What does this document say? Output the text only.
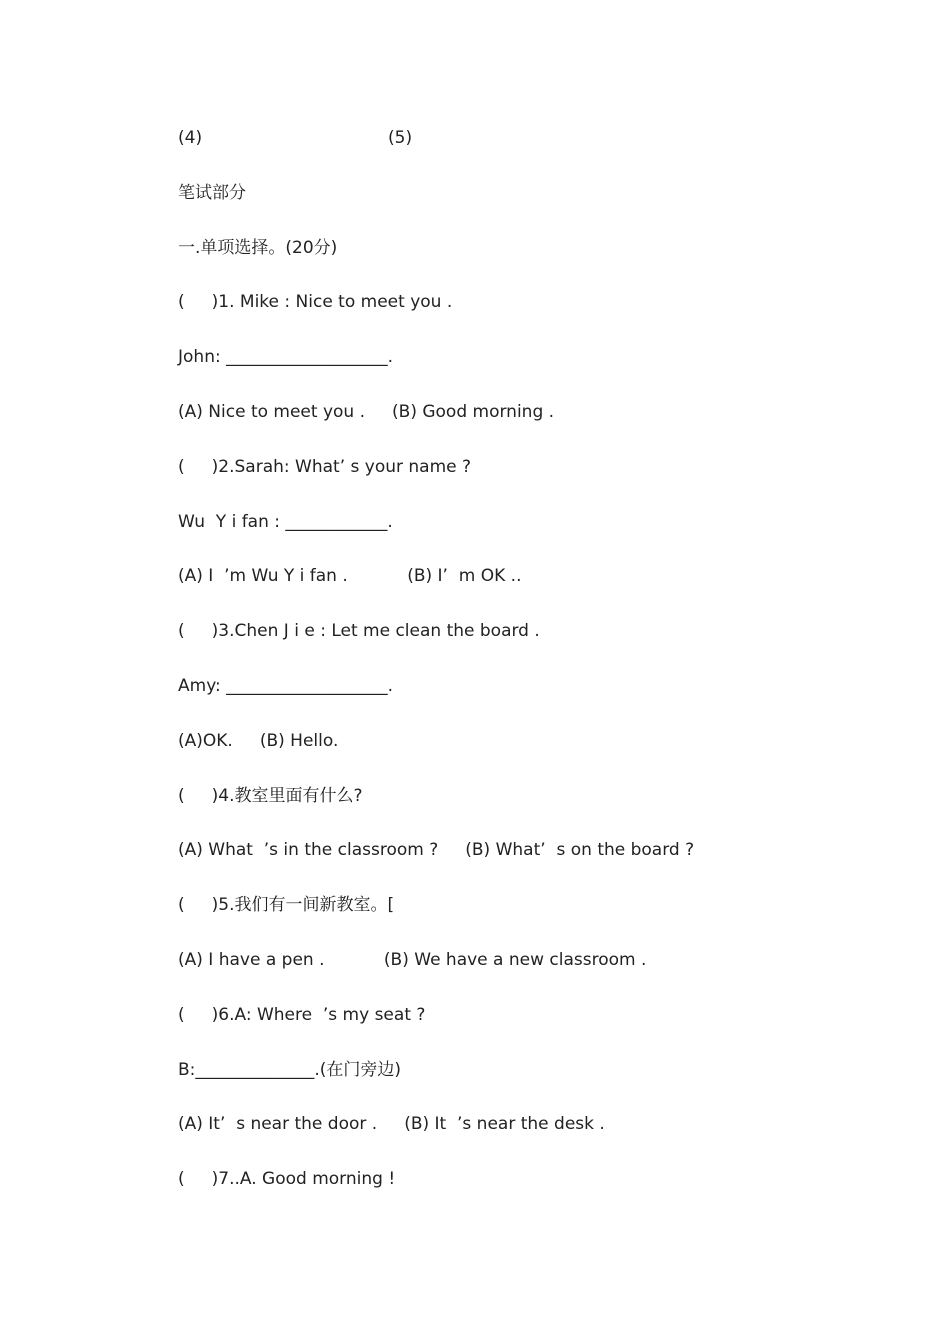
(4)	(5)
笔试部分
一.单项选择。(20分)
(     )1. Mike : Nice to meet you .
John: ___________________.
(A) Nice to meet you .     (B) Good morning .
(     )2.Sarah: What’ s your name ?
Wu  Y i fan : ____________.
(A) I  ’m Wu Y i fan .           (B) I’  m OK ..
(     )3.Chen J i e : Let me clean the board .
Amy: ___________________.
(A)OK.     (B) Hello.
(     )4.教室里面有什么?
(A) What  ’s in the classroom ?     (B) What’  s on the board ?
(     )5.我们有一间新教室。[
(A) I have a pen .           (B) We have a new classroom .
(     )6.A: Where  ’s my seat ?
B:______________.(在门旁边)
(A) It’  s near the door .     (B) It  ’s near the desk .
(     )7..A. Good morning !
